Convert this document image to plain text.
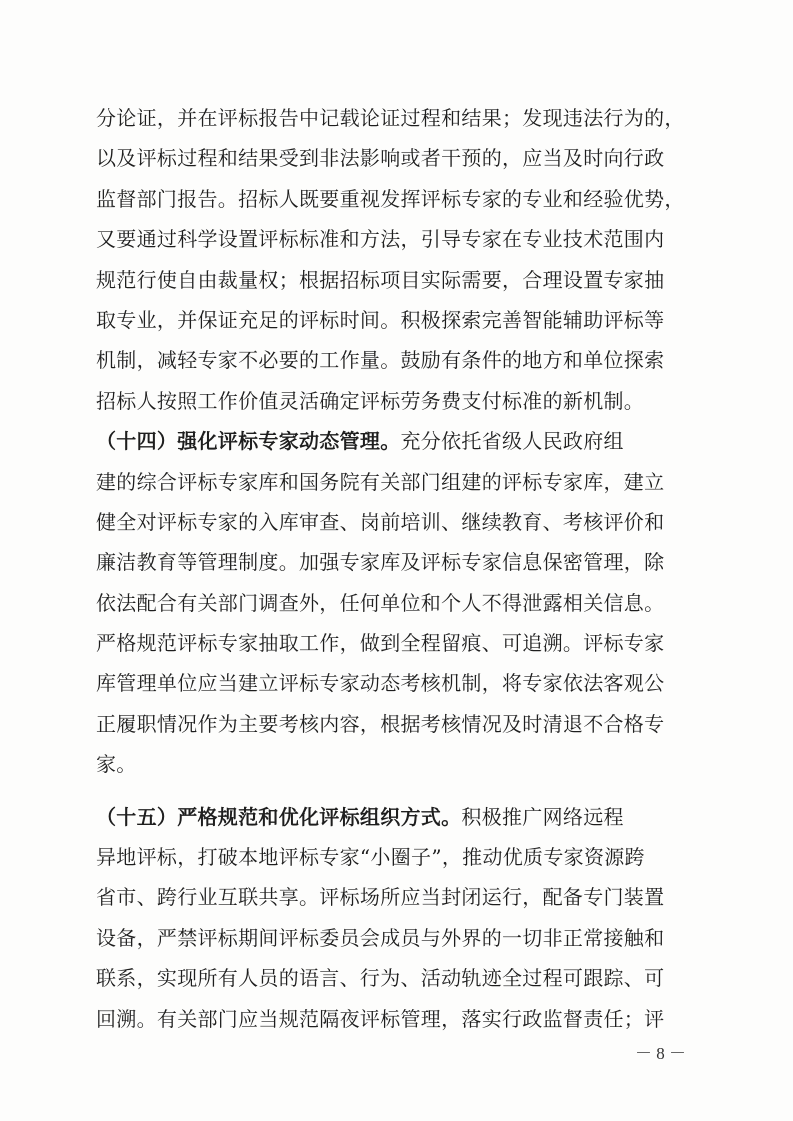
分论证，并在评标报告中记载论证过程和结果；发现违法行为的，
以及评标过程和结果受到非法影响或者干预的，应当及时向行政
监督部门报告。招标人既要重视发挥评标专家的专业和经验优势，
又要通过科学设置评标标准和方法，引导专家在专业技术范围内
规范行使自由裁量权；根据招标项目实际需要，合理设置专家抽
取专业，并保证充足的评标时间。积极探索完善智能辅助评标等
机制，减轻专家不必要的工作量。鼓励有条件的地方和单位探索
招标人按照工作价值灵活确定评标劳务费支付标准的新机制。
（十四）强化评标专家动态管理。充分依托省级人民政府组
建的综合评标专家库和国务院有关部门组建的评标专家库，建立
健全对评标专家的入库审查、岗前培训、继续教育、考核评价和
廉洁教育等管理制度。加强专家库及评标专家信息保密管理，除
依法配合有关部门调查外，任何单位和个人不得泄露相关信息。
严格规范评标专家抽取工作，做到全程留痕、可追溯。评标专家
库管理单位应当建立评标专家动态考核机制，将专家依法客观公
正履职情况作为主要考核内容，根据考核情况及时清退不合格专
家。
（十五）严格规范和优化评标组织方式。积极推广网络远程
异地评标，打破本地评标专家“小圈子”，推动优质专家资源跨
省市、跨行业互联共享。评标场所应当封闭运行，配备专门装置
设备，严禁评标期间评标委员会成员与外界的一切非正常接触和
联系，实现所有人员的语言、行为、活动轨迹全过程可跟踪、可
回溯。有关部门应当规范隔夜评标管理，落实行政监督责任；评
－ 8 －
